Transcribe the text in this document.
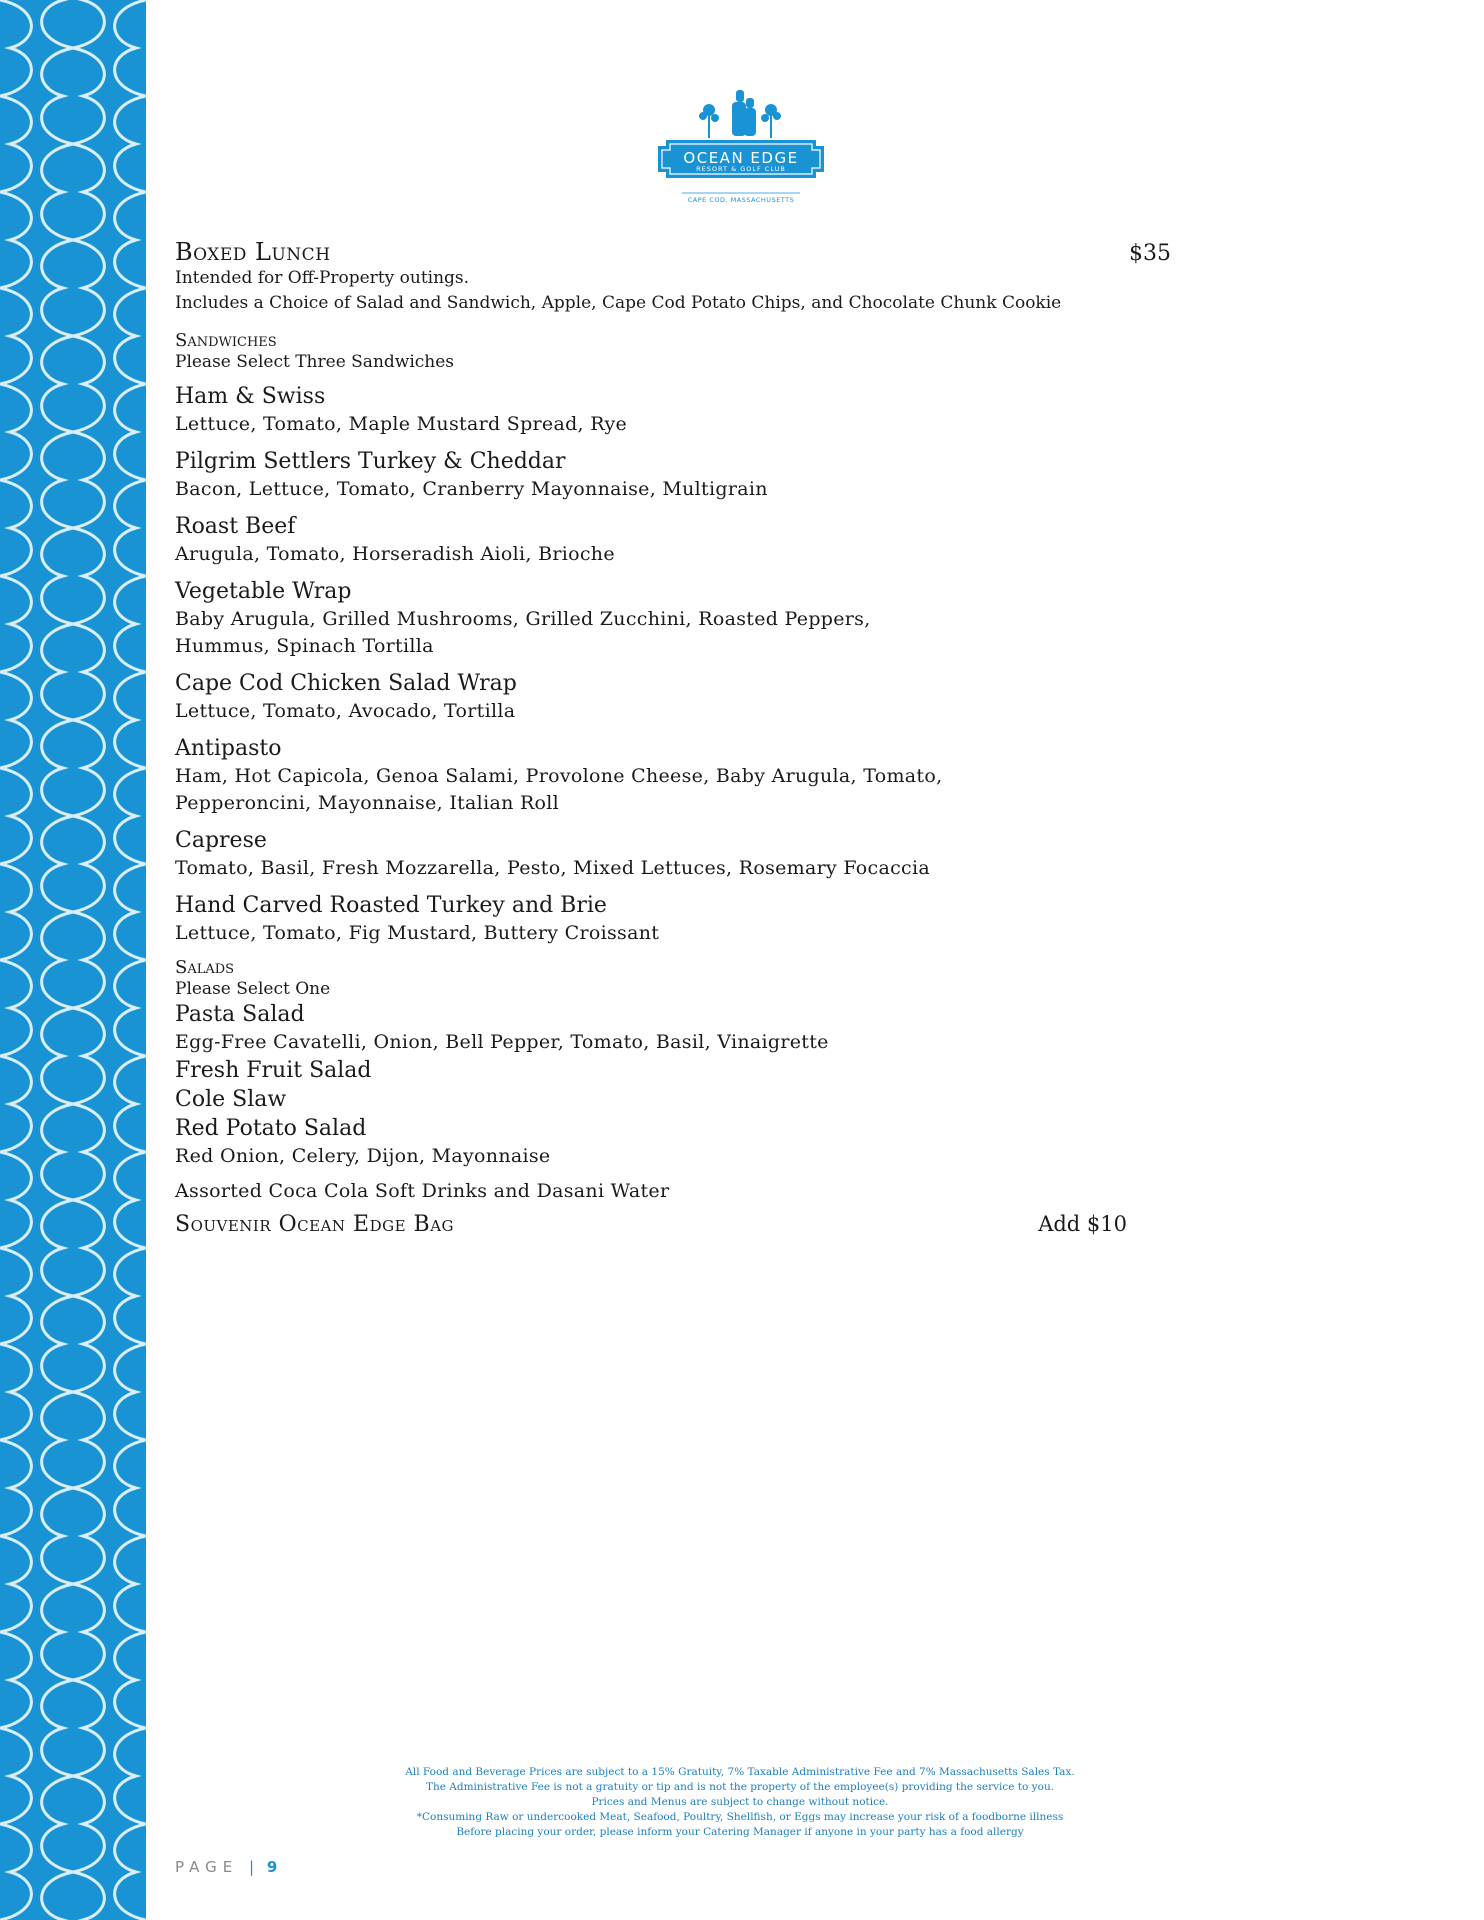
OCEAN EDGE
RESORT & GOLF CLUB
CAPE COD, MASSACHUSETTS
Boxed Lunch	$35
Intended for Off-Property outings.
Includes a Choice of Salad and Sandwich, Apple, Cape Cod Potato Chips, and Chocolate Chunk Cookie
Sandwiches
Please Select Three Sandwiches
Ham & Swiss
Lettuce, Tomato, Maple Mustard Spread, Rye
Pilgrim Settlers Turkey & Cheddar
Bacon, Lettuce, Tomato, Cranberry Mayonnaise, Multigrain
Roast Beef
Arugula, Tomato, Horseradish Aioli, Brioche
Vegetable Wrap
Baby Arugula, Grilled Mushrooms, Grilled Zucchini, Roasted Peppers,
Hummus, Spinach Tortilla
Cape Cod Chicken Salad Wrap
Lettuce, Tomato, Avocado, Tortilla
Antipasto
Ham, Hot Capicola, Genoa Salami, Provolone Cheese, Baby Arugula, Tomato,
Pepperoncini, Mayonnaise, Italian Roll
Caprese
Tomato, Basil, Fresh Mozzarella, Pesto, Mixed Lettuces, Rosemary Focaccia
Hand Carved Roasted Turkey and Brie
Lettuce, Tomato, Fig Mustard, Buttery Croissant
Salads
Please Select One
Pasta Salad
Egg-Free Cavatelli, Onion, Bell Pepper, Tomato, Basil, Vinaigrette
Fresh Fruit Salad
Cole Slaw
Red Potato Salad
Red Onion, Celery, Dijon, Mayonnaise
Assorted Coca Cola Soft Drinks and Dasani Water
Souvenir Ocean Edge Bag	Add $10
All Food and Beverage Prices are subject to a 15% Gratuity, 7% Taxable Administrative Fee and 7% Massachusetts Sales Tax.
The Administrative Fee is not a gratuity or tip and is not the property of the employee(s) providing the service to you.
Prices and Menus are subject to change without notice.
*Consuming Raw or undercooked Meat, Seafood, Poultry, Shellfish, or Eggs may increase your risk of a foodborne illness
Before placing your order, please inform your Catering Manager if anyone in your party has a food allergy
PAGE | 9
